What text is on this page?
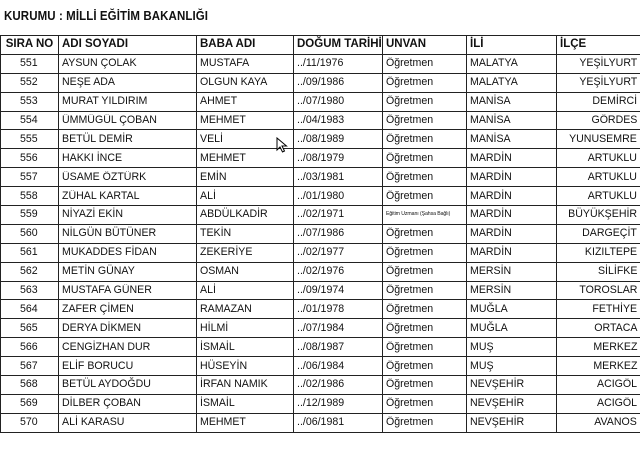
KURUMU : MİLLİ EĞİTİM BAKANLIĞI
SIRA NO	ADI SOYADI	BABA ADI	DOĞUM TARİHİ	UNVAN	İLİ	İLÇE
551	AYSUN ÇOLAK	MUSTAFA	../11/1976	Öğretmen	MALATYA	YEŞİLYURT
552	NEŞE ADA	OLGUN KAYA	../09/1986	Öğretmen	MALATYA	YEŞİLYURT
553	MURAT YILDIRIM	AHMET	../07/1980	Öğretmen	MANİSA	DEMİRCİ
554	ÜMMÜGÜL ÇOBAN	MEHMET	../04/1983	Öğretmen	MANİSA	GÖRDES
555	BETÜL DEMİR	VELİ	../08/1989	Öğretmen	MANİSA	YUNUSEMRE
556	HAKKI İNCE	MEHMET	../08/1979	Öğretmen	MARDİN	ARTUKLU
557	ÜSAME ÖZTÜRK	EMİN	../03/1981	Öğretmen	MARDİN	ARTUKLU
558	ZÜHAL KARTAL	ALİ	../01/1980	Öğretmen	MARDİN	ARTUKLU
559	NİYAZİ EKİN	ABDÜLKADİR	../02/1971	Eğitim Uzmanı (Şahsa Bağlı)	MARDİN	BÜYÜKŞEHİR
560	NİLGÜN BÜTÜNER	TEKİN	../07/1986	Öğretmen	MARDİN	DARGEÇİT
561	MUKADDES FİDAN	ZEKERİYE	../02/1977	Öğretmen	MARDİN	KIZILTEPE
562	METİN GÜNAY	OSMAN	../02/1976	Öğretmen	MERSİN	SİLİFKE
563	MUSTAFA GÜNER	ALİ	../09/1974	Öğretmen	MERSİN	TOROSLAR
564	ZAFER ÇİMEN	RAMAZAN	../01/1978	Öğretmen	MUĞLA	FETHİYE
565	DERYA DİKMEN	HİLMİ	../07/1984	Öğretmen	MUĞLA	ORTACA
566	CENGİZHAN DUR	İSMAİL	../08/1987	Öğretmen	MUŞ	MERKEZ
567	ELİF BORUCU	HÜSEYİN	../06/1984	Öğretmen	MUŞ	MERKEZ
568	BETÜL AYDOĞDU	İRFAN NAMIK	../02/1986	Öğretmen	NEVŞEHİR	ACIGÖL
569	DİLBER ÇOBAN	İSMAİL	../12/1989	Öğretmen	NEVŞEHİR	ACIGÖL
570	ALİ KARASU	MEHMET	../06/1981	Öğretmen	NEVŞEHİR	AVANOS
